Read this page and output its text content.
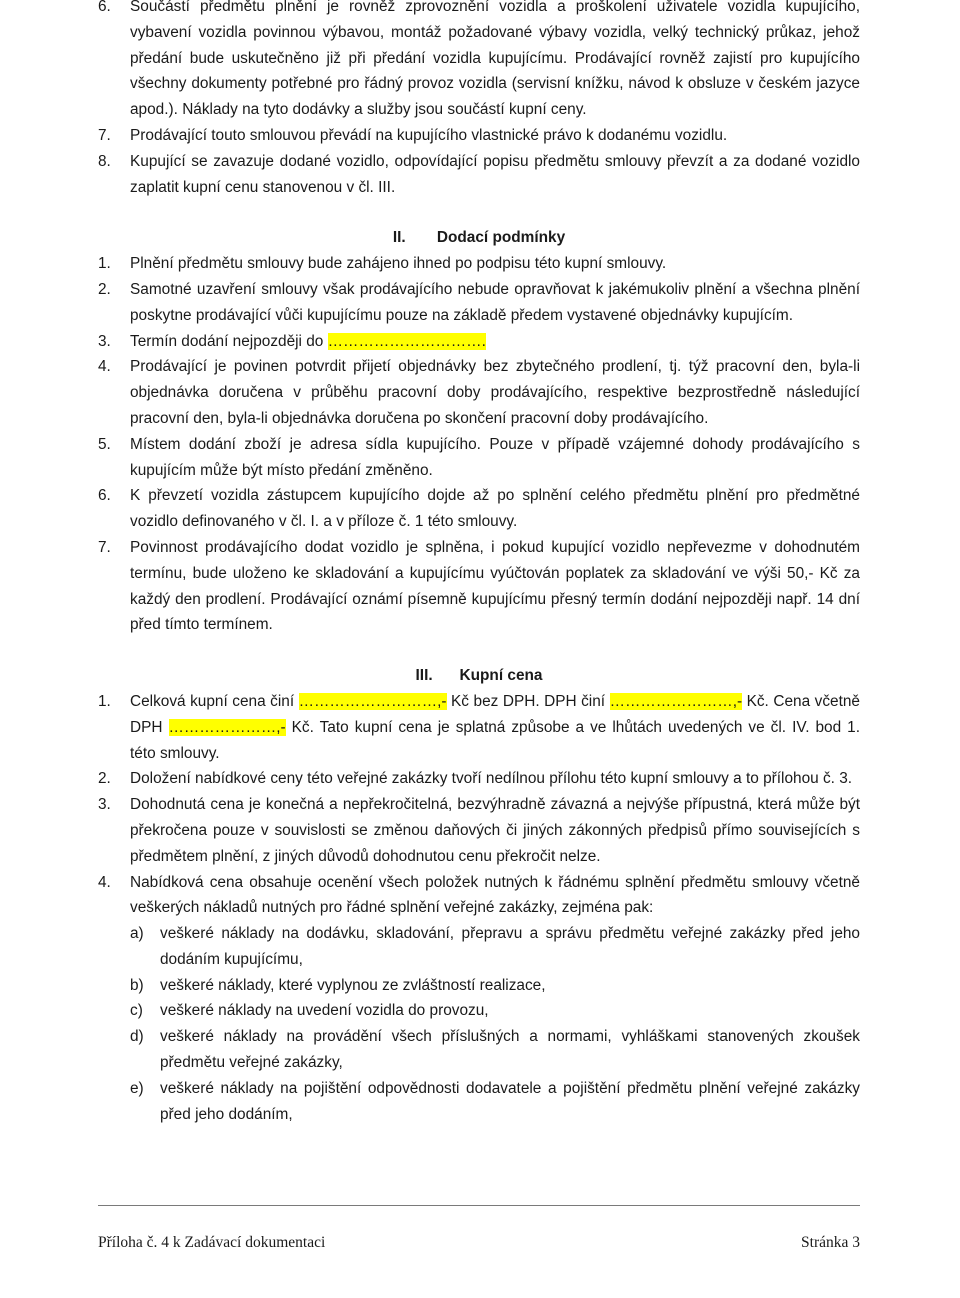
6.	Součástí předmětu plnění je rovněž zprovoznění vozidla a proškolení uživatele vozidla kupujícího, vybavení vozidla povinnou výbavou, montáž požadované výbavy vozidla, velký technický průkaz, jehož předání bude uskutečněno již při předání vozidla kupujícímu. Prodávající rovněž zajistí pro kupujícího všechny dokumenty potřebné pro řádný provoz vozidla (servisní knížku, návod k obsluze v českém jazyce apod.). Náklady na tyto dodávky a služby jsou součástí kupní ceny.
7.	Prodávající touto smlouvou převádí na kupujícího vlastnické právo k dodanému vozidlu.
8.	Kupující se zavazuje dodané vozidlo, odpovídající popisu předmětu smlouvy převzít a za dodané vozidlo zaplatit kupní cenu stanovenou v čl. III.
II. Dodací podmínky
1.	Plnění předmětu smlouvy bude zahájeno ihned po podpisu této kupní smlouvy.
2.	Samotné uzavření smlouvy však prodávajícího nebude opravňovat k jakémukoliv plnění a všechna plnění poskytne prodávající vůči kupujícímu pouze na základě předem vystavené objednávky kupujícím.
3.	Termín dodání nejpozději do ………………………….
4.	Prodávající je povinen potvrdit přijetí objednávky bez zbytečného prodlení, tj. týž pracovní den, byla-li objednávka doručena v průběhu pracovní doby prodávajícího, respektive bezprostředně následující pracovní den, byla-li objednávka doručena po skončení pracovní doby prodávajícího.
5.	Místem dodání zboží je adresa sídla kupujícího. Pouze v případě vzájemné dohody prodávajícího s kupujícím může být místo předání změněno.
6.	K převzetí vozidla zástupcem kupujícího dojde až po splnění celého předmětu plnění pro předmětné vozidlo definovaného v čl. I. a v příloze č. 1 této smlouvy.
7.	Povinnost prodávajícího dodat vozidlo je splněna, i pokud kupující vozidlo nepřevezme v dohodnutém termínu, bude uloženo ke skladování a kupujícímu vyúčtován poplatek za skladování ve výši 50,- Kč za každý den prodlení. Prodávající oznámí písemně kupujícímu přesný termín dodání nejpozději např. 14 dní před tímto termínem.
III. Kupní cena
1.	Celková kupní cena činí ………………………,- Kč bez DPH. DPH činí ……………………,- Kč. Cena včetně DPH …………………,- Kč. Tato kupní cena je splatná způsobe a ve lhůtách uvedených ve čl. IV. bod 1. této smlouvy.
2.	Doložení nabídkové ceny této veřejné zakázky tvoří nedílnou přílohu této kupní smlouvy a to přílohou č. 3.
3.	Dohodnutá cena je konečná a nepřekročitelná, bezvýhradně závazná a nejvýše přípustná, která může být překročena pouze v souvislosti se změnou daňových či jiných zákonných předpisů přímo souvisejících s předmětem plnění, z jiných důvodů dohodnutou cenu překročit nelze.
4.	Nabídková cena obsahuje ocenění všech položek nutných k řádnému splnění předmětu smlouvy včetně veškerých nákladů nutných pro řádné splnění veřejné zakázky, zejména pak:
a)	veškeré náklady na dodávku, skladování, přepravu a správu předmětu veřejné zakázky před jeho dodáním kupujícímu,
b)	veškeré náklady, které vyplynou ze zvláštností realizace,
c)	veškeré náklady na uvedení vozidla do provozu,
d)	veškeré náklady na provádění všech příslušných a normami, vyhláškami stanovených zkoušek předmětu veřejné zakázky,
e)	veškeré náklady na pojištění odpovědnosti dodavatele a pojištění předmětu plnění veřejné zakázky před jeho dodáním,
Příloha č. 4 k Zadávací dokumentaci	Stránka 3
